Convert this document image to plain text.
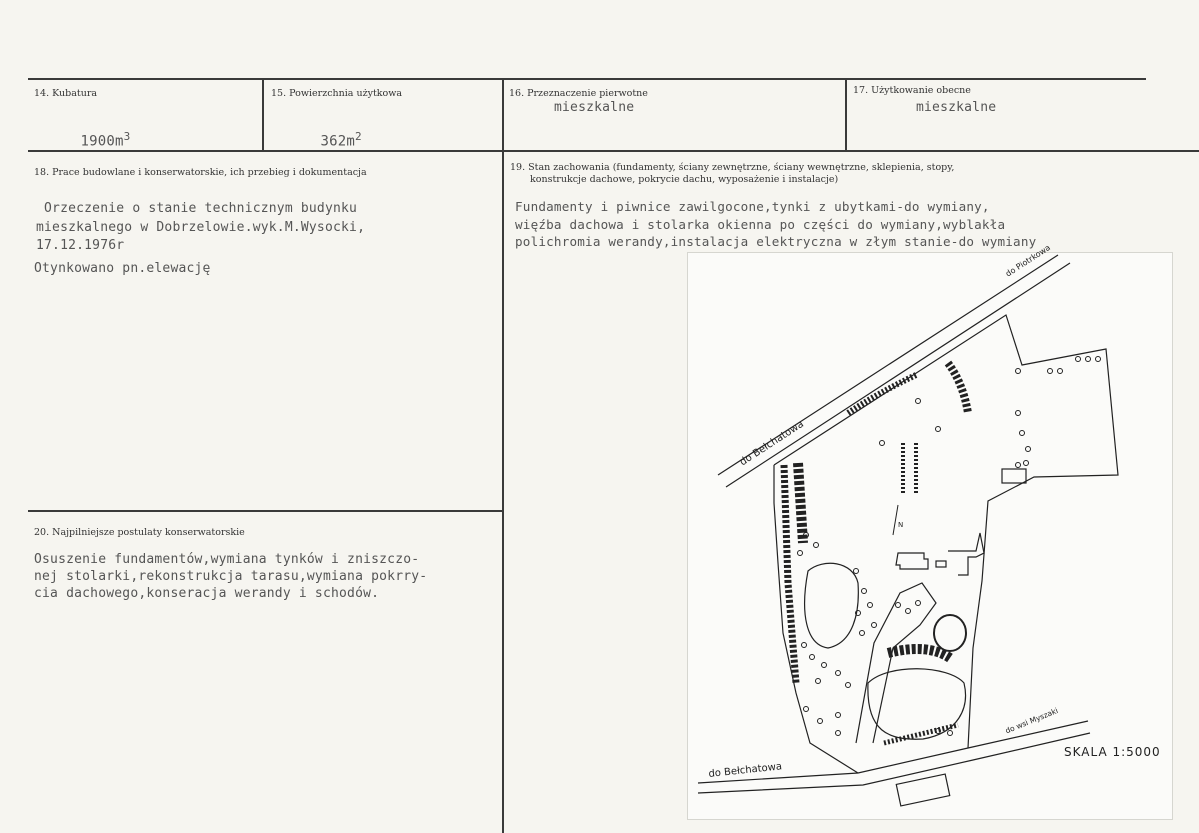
14. Kubatura

$1900m^3$

15. Powierzchnia użytkowa

$362m^2$

16. Przeznaczenie pierwotne
mieszkalne
17. Użytkowanie obecne
mieszkalne
18. Prace budowlane i konserwatorskie, ich przebieg i dokumentacja
Orzeczenie o stanie technicznym budynku
mieszkalnego w Dobrzelowie.wyk.M.Wysocki,
17.12.1976r
Otynkowano pn.elewację
19. Stan zachowania (fundamenty, ściany zewnętrzne, ściany wewnętrzne, sklepienia, stopy,
konstrukcje dachowe, pokrycie dachu, wyposażenie i instalacje)
Fundamenty i piwnice zawilgocone,tynki z ubytkami-do wymiany,
więźba dachowa i stolarka okienna po części do wymiany,wyblakła
polichromia werandy,instalacja elektryczna w złym stanie-do wymiany
20. Najpilniejsze postulaty konserwatorskie
Osuszenie fundamentów,wymiana tynków i zniszczo-
nej stolarki,rekonstrukcja tarasu,wymiana pokrry-
cia dachowego,konseracja werandy i schodów.
do Piotrkowa
do Bełchatowa
do Bełchatowa
do wsi Myszaki
N
SKALA 1:5000
